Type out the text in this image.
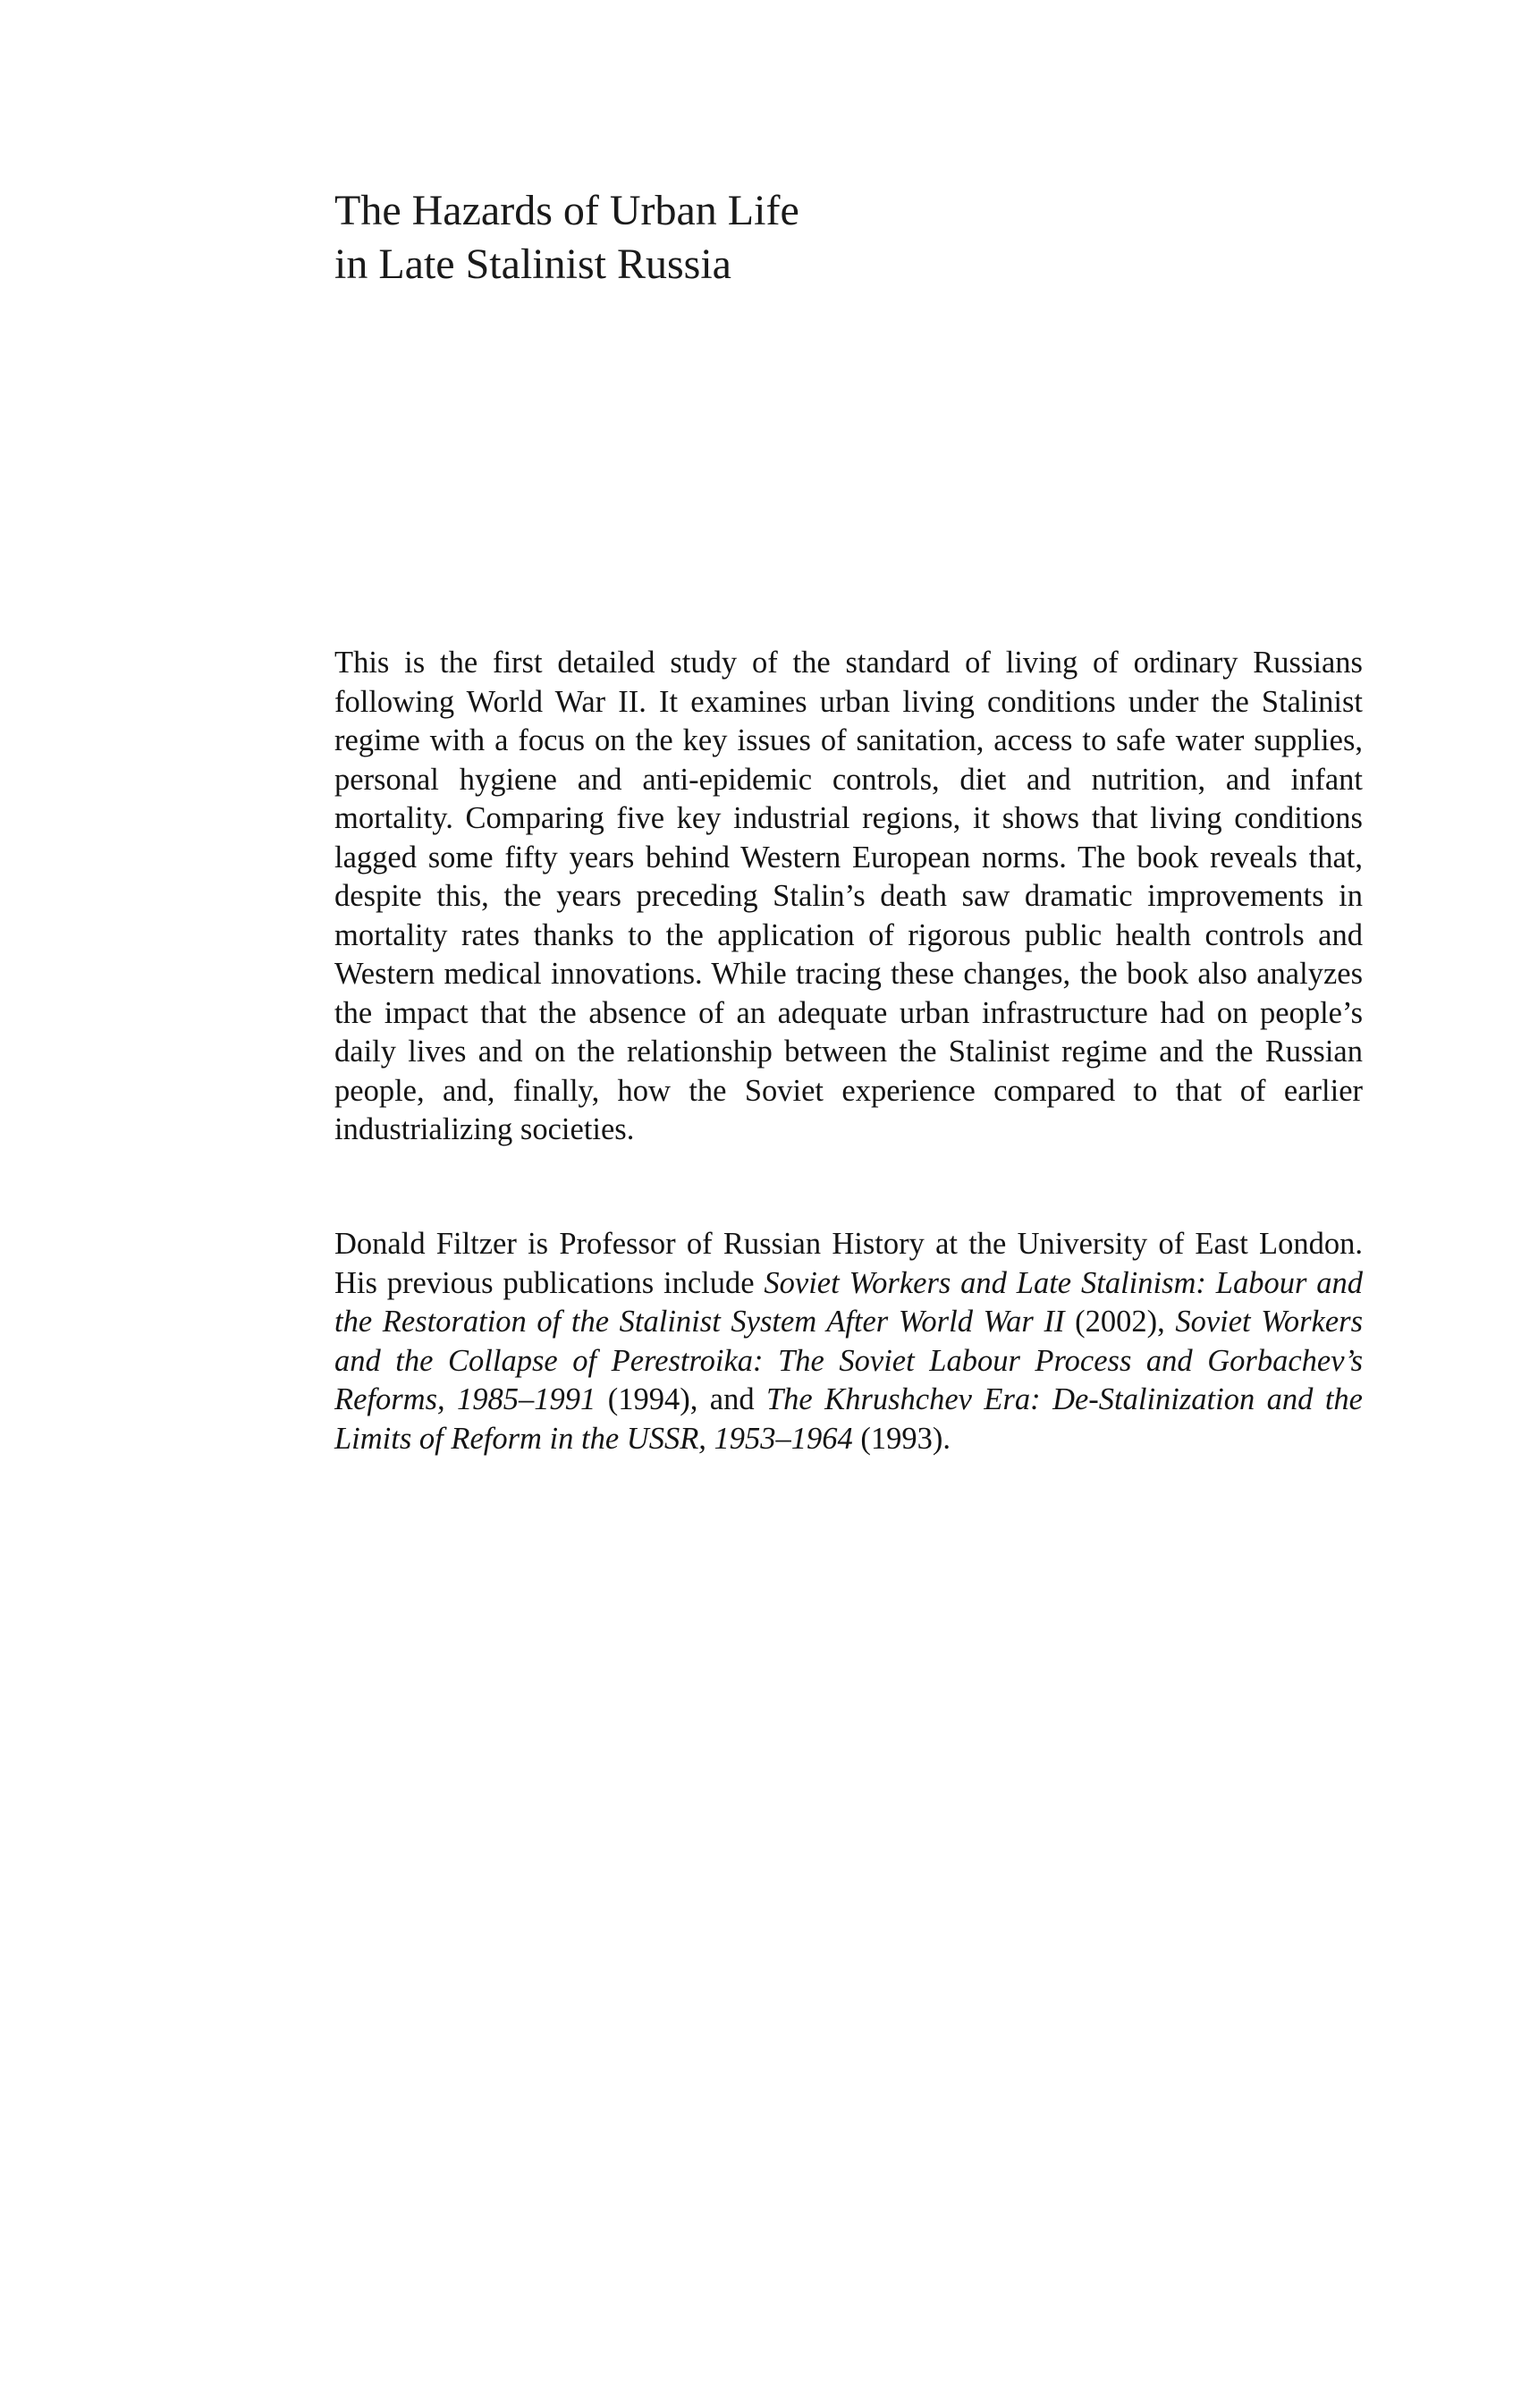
The Hazards of Urban Life
in Late Stalinist Russia

This is the first detailed study of the standard of living of ordinary Russians following World War II. It examines urban living conditions under the Stalinist regime with a focus on the key issues of sanitation, access to safe water supplies, personal hygiene and anti-epidemic controls, diet and nutrition, and infant mortality. Comparing five key industrial regions, it shows that living conditions lagged some fifty years behind Western European norms. The book reveals that, despite this, the years preceding Stalin’s death saw dramatic improvements in mortality rates thanks to the application of rigorous public health controls and Western medical innovations. While tracing these changes, the book also analyzes the impact that the absence of an adequate urban infrastructure had on people’s daily lives and on the relationship between the Stalinist regime and the Russian people, and, finally, how the Soviet experience compared to that of earlier industrializing societies.

Donald Filtzer is Professor of Russian History at the University of East London. His previous publications include Soviet Workers and Late Stalinism: Labour and the Restoration of the Stalinist System After World War II (2002), Soviet Workers and the Collapse of Perestroika: The Soviet Labour Process and Gorbachev’s Reforms, 1985–1991 (1994), and The Khrushchev Era: De-Stalinization and the Limits of Reform in the USSR, 1953–1964 (1993).
